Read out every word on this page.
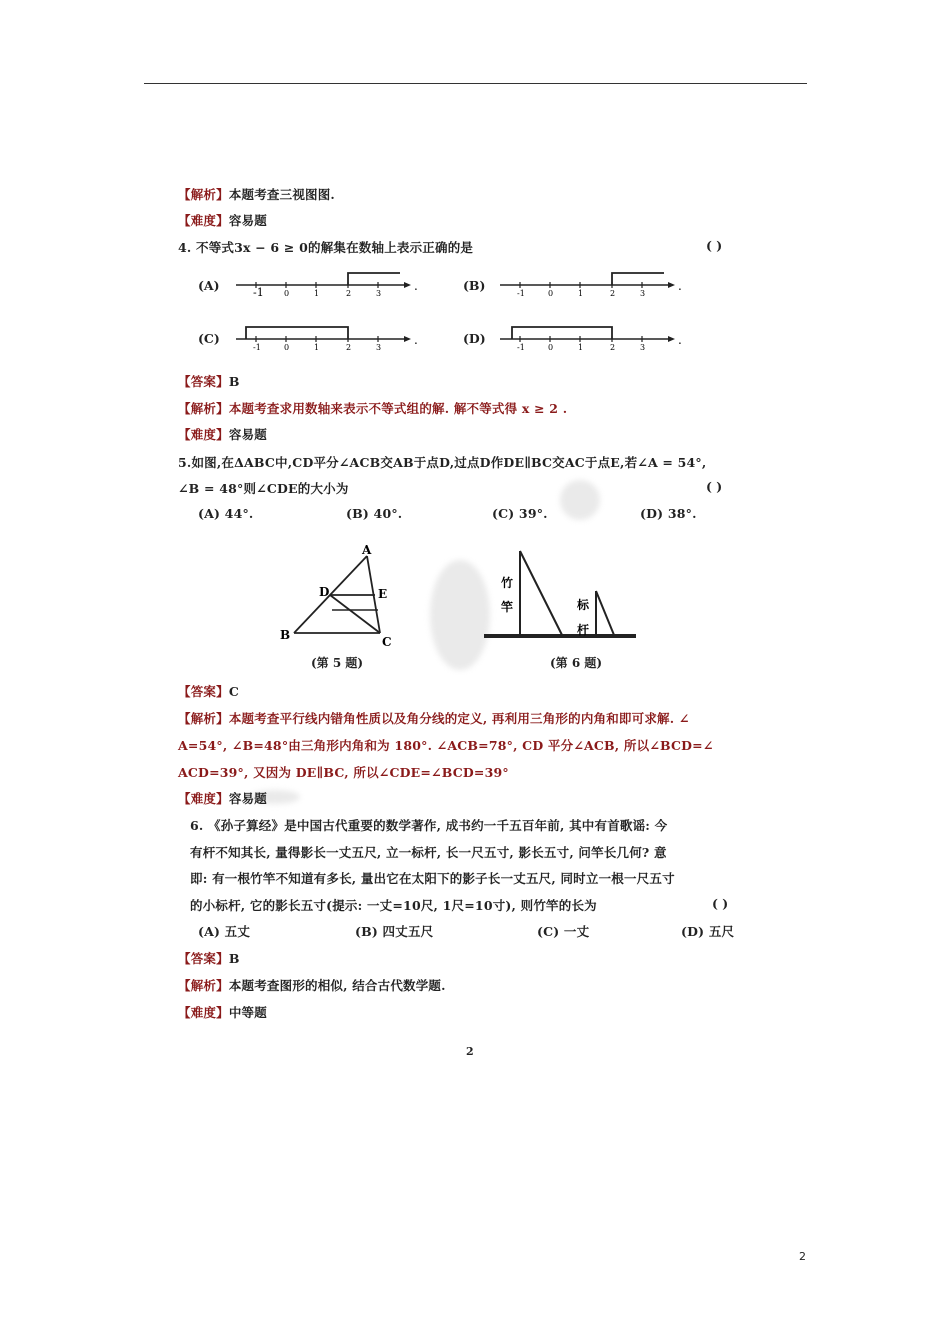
【解析】本题考查三视图图.
【难度】容易题
4. 不等式3x − 6 ≥ 0的解集在数轴上表示正确的是	( )
(A)	(B)
(C)	(D)
-1	0	1	2	3
.
-1	0	1	2	3
.
-1	0	1	2	3
.
-1	0	1	2	3
.
【答案】B
【解析】本题考查求用数轴来表示不等式组的解. 解不等式得 x ≥ 2 .
【难度】容易题
5.如图,在ΔABC中,CD平分∠ACB交AB于点D,过点D作DE∥BC交AC于点E,若∠A = 54°,
∠B = 48°则∠CDE的大小为	( )
(A) 44°.	(B) 40°.	(C) 39°.	(D) 38°.
A
B	C
D	E
(第 5 题)
竹
竿	标
杆
(第 6 题)
【答案】C
【解析】本题考查平行线内错角性质以及角分线的定义, 再利用三角形的内角和即可求解. ∠
A=54°, ∠B=48°由三角形内角和为 180°. ∠ACB=78°, CD 平分∠ACB, 所以∠BCD=∠
ACD=39°, 又因为 DE∥BC, 所以∠CDE=∠BCD=39°
【难度】容易题
6. 《孙子算经》是中国古代重要的数学著作, 成书约一千五百年前, 其中有首歌谣: 今
有杆不知其长, 量得影长一丈五尺, 立一标杆, 长一尺五寸, 影长五寸, 问竿长几何? 意
即: 有一根竹竿不知道有多长, 量出它在太阳下的影子长一丈五尺, 同时立一根一尺五寸
的小标杆, 它的影长五寸(提示: 一丈=10尺, 1尺=10寸), 则竹竿的长为	( )
(A) 五丈	(B) 四丈五尺	(C) 一丈	(D) 五尺
【答案】B
【解析】本题考查图形的相似, 结合古代数学题.
【难度】中等题
2
2
